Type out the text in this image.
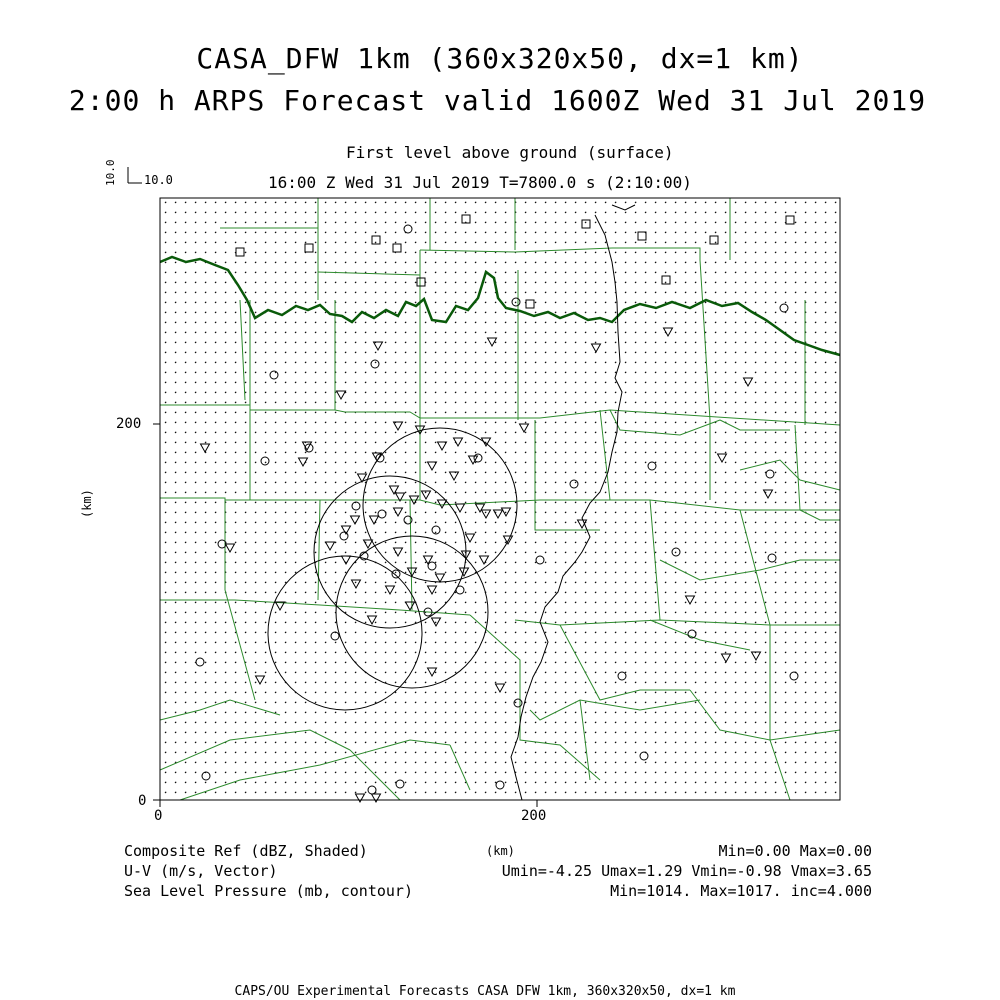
CASA_DFW 1km (360x320x50, dx=1 km)
2:00 h ARPS Forecast valid 1600Z Wed 31 Jul 2019
First level above ground (surface)
16:00 Z Wed 31 Jul 2019 T=7800.0 s (2:10:00)
10.0 10.0
200
0
0	200
(km)
(km)
Composite Ref (dBZ, Shaded)	Min=0.00 Max=0.00
U-V (m/s, Vector)	Umin=-4.25 Umax=1.29 Vmin=-0.98 Vmax=3.65
Sea Level Pressure (mb, contour)	Min=1014. Max=1017. inc=4.000
CAPS/OU Experimental Forecasts CASA DFW 1km, 360x320x50, dx=1 km
